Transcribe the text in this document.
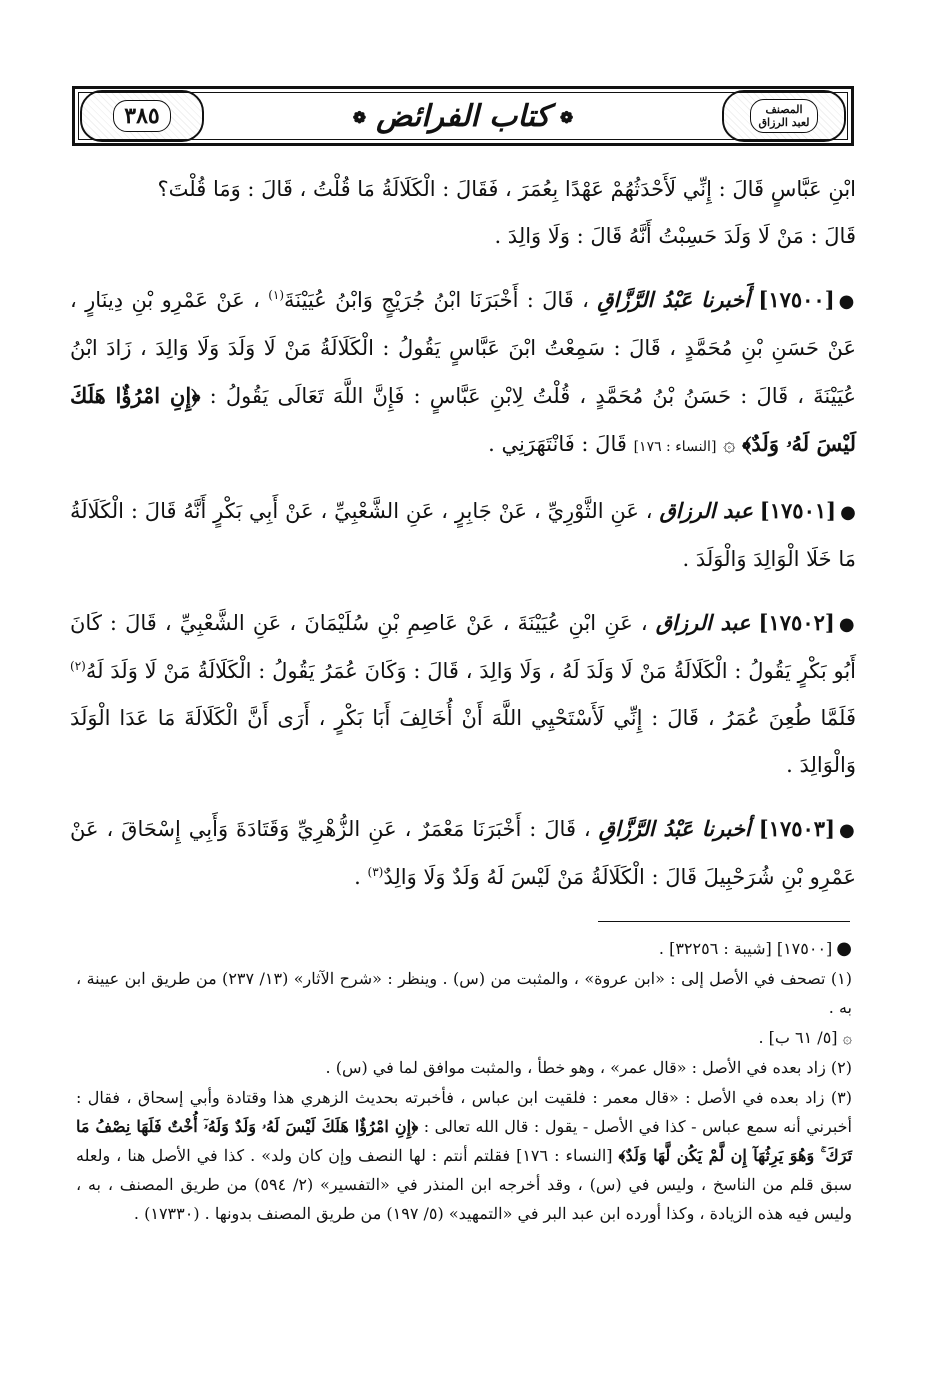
٣٨٥
❁	كتاب الفرائض ❁	المصنف
لعبد الرزاق

ابْنِ عَبَّاسٍ قَالَ : إِنِّي لَأَحْدَثُهُمْ عَهْدًا بِعُمَرَ ، فَقَالَ : الْكَلَالَةُ مَا قُلْتُ ، قَالَ : وَمَا قُلْتَ؟
قَالَ : مَنْ لَا وَلَدَ حَسِبْتُ أَنَّهُ قَالَ : وَلَا وَالِدَ .

●[١٧٥٠٠] أَخبرنا عَبْدُ الرَّزَّاقِ ، قَالَ : أَخْبَرَنَا ابْنُ جُرَيْجٍ وَابْنُ عُيَيْنَةَ$^{(١)}$ ، عَنْ عَمْرِو بْنِ دِينَارٍ ، عَنْ حَسَنِ بْنِ مُحَمَّدٍ ، قَالَ : سَمِعْتُ ابْنَ عَبَّاسٍ يَقُولُ : الْكَلَالَةُ مَنْ لَا وَلَدَ وَلَا وَالِدَ ، زَادَ ابْنُ عُيَيْنَةَ ، قَالَ : حَسَنُ بْنُ مُحَمَّدٍ ، قُلْتُ لِابْنِ عَبَّاسٍ : فَإِنَّ اللَّهَ تَعَالَى يَقُولُ : ﴿إِنِ امْرُؤٌا هَلَكَ لَيْسَ لَهُۥ وَلَدٌ﴾ ۞ [النساء : ١٧٦] قَالَ : فَانْتَهَرَنِي .

●[١٧٥٠١] عبد الرزاق ، عَنِ الثَّوْرِيِّ ، عَنْ جَابِرٍ ، عَنِ الشَّعْبِيِّ ، عَنْ أَبِي بَكْرٍ أَنَّهُ قَالَ : الْكَلَالَةُ مَا خَلَا الْوَالِدَ وَالْوَلَدَ .

●[١٧٥٠٢] عبد الرزاق ، عَنِ ابْنِ عُيَيْنَةَ ، عَنْ عَاصِمِ بْنِ سُلَيْمَانَ ، عَنِ الشَّعْبِيِّ ، قَالَ : كَانَ أَبُو بَكْرٍ يَقُولُ : الْكَلَالَةُ مَنْ لَا وَلَدَ لَهُ ، وَلَا وَالِدَ ، قَالَ : وَكَانَ عُمَرُ يَقُولُ : الْكَلَالَةُ مَنْ لَا وَلَدَ لَهُ$^{(٢)}$ فَلَمَّا طُعِنَ عُمَرُ ، قَالَ : إِنِّي لَأَسْتَحْيِي اللَّهَ أَنْ أُخَالِفَ أَبَا بَكْرٍ ، أَرَى أَنَّ الْكَلَالَةَ مَا عَدَا الْوَلَدَ وَالْوَالِدَ .

●[١٧٥٠٣] أخبرنا عَبْدُ الرَّزَّاقِ ، قَالَ : أَخْبَرَنَا مَعْمَرٌ ، عَنِ الزُّهْرِيِّ وَقَتَادَةَ وَأَبِي إِسْحَاقَ ، عَنْ عَمْرِو بْنِ شُرَحْبِيلَ قَالَ : الْكَلَالَةُ مَنْ لَيْسَ لَهُ وَلَدٌ وَلَا وَالِدٌ$^{(٣)}$ .

●[١٧٥٠٠] [شيبة : ٣٢٢٥٦] .

(١) تصحف في الأصل إلى : «ابن عروة» ، والمثبت من (س) . وينظر : «شرح الآثار» (١٣/ ٢٣٧) من طريق ابن عيينة ، به .

۞ [٥/ ٦١ ب] .

(٢) زاد بعده في الأصل : «قال عمر» ، وهو خطأ ، والمثبت موافق لما في (س) .

(٣) زاد بعده في الأصل : «قال معمر : فلقيت ابن عباس ، فأخبرته بحديث الزهري هذا وقتادة وأبي إسحاق ، فقال : أخبرني أنه سمع عباس - كذا في الأصل - يقول : قال الله تعالى : ﴿إِنِ امْرُؤٌا هَلَكَ لَيْسَ لَهُۥ وَلَدٌ وَلَهُۥٓ أُخْتٌ فَلَهَا نِصْفُ مَا تَرَكَ ۚ وَهُوَ يَرِثُهَآ إِن لَّمْ يَكُن لَّهَا وَلَدٌ﴾ [النساء : ١٧٦] فقلتم أنتم : لها النصف وإن كان ولد» . كذا في الأصل هنا ، ولعله سبق قلم من الناسخ ، وليس في (س) ، وقد أخرجه ابن المنذر في «التفسير» (٢/ ٥٩٤) من طريق المصنف ، به ، وليس فيه هذه الزيادة ، وكذا أورده ابن عبد البر في «التمهيد» (٥/ ١٩٧) من طريق المصنف بدونها . (١٧٣٣٠) .
